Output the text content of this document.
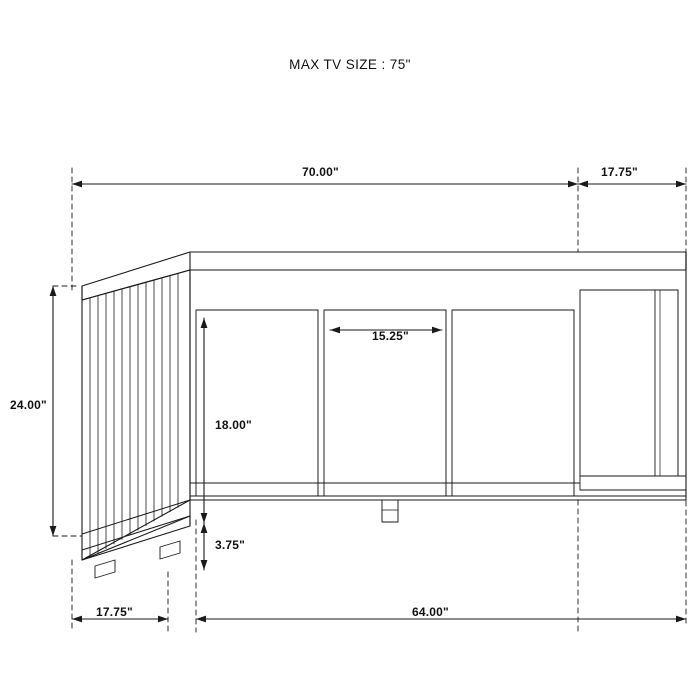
MAX TV SIZE : 75"
70.00"	17.75"
24.00"
15.25"
18.00"
3.75"
17.75"	64.00"
